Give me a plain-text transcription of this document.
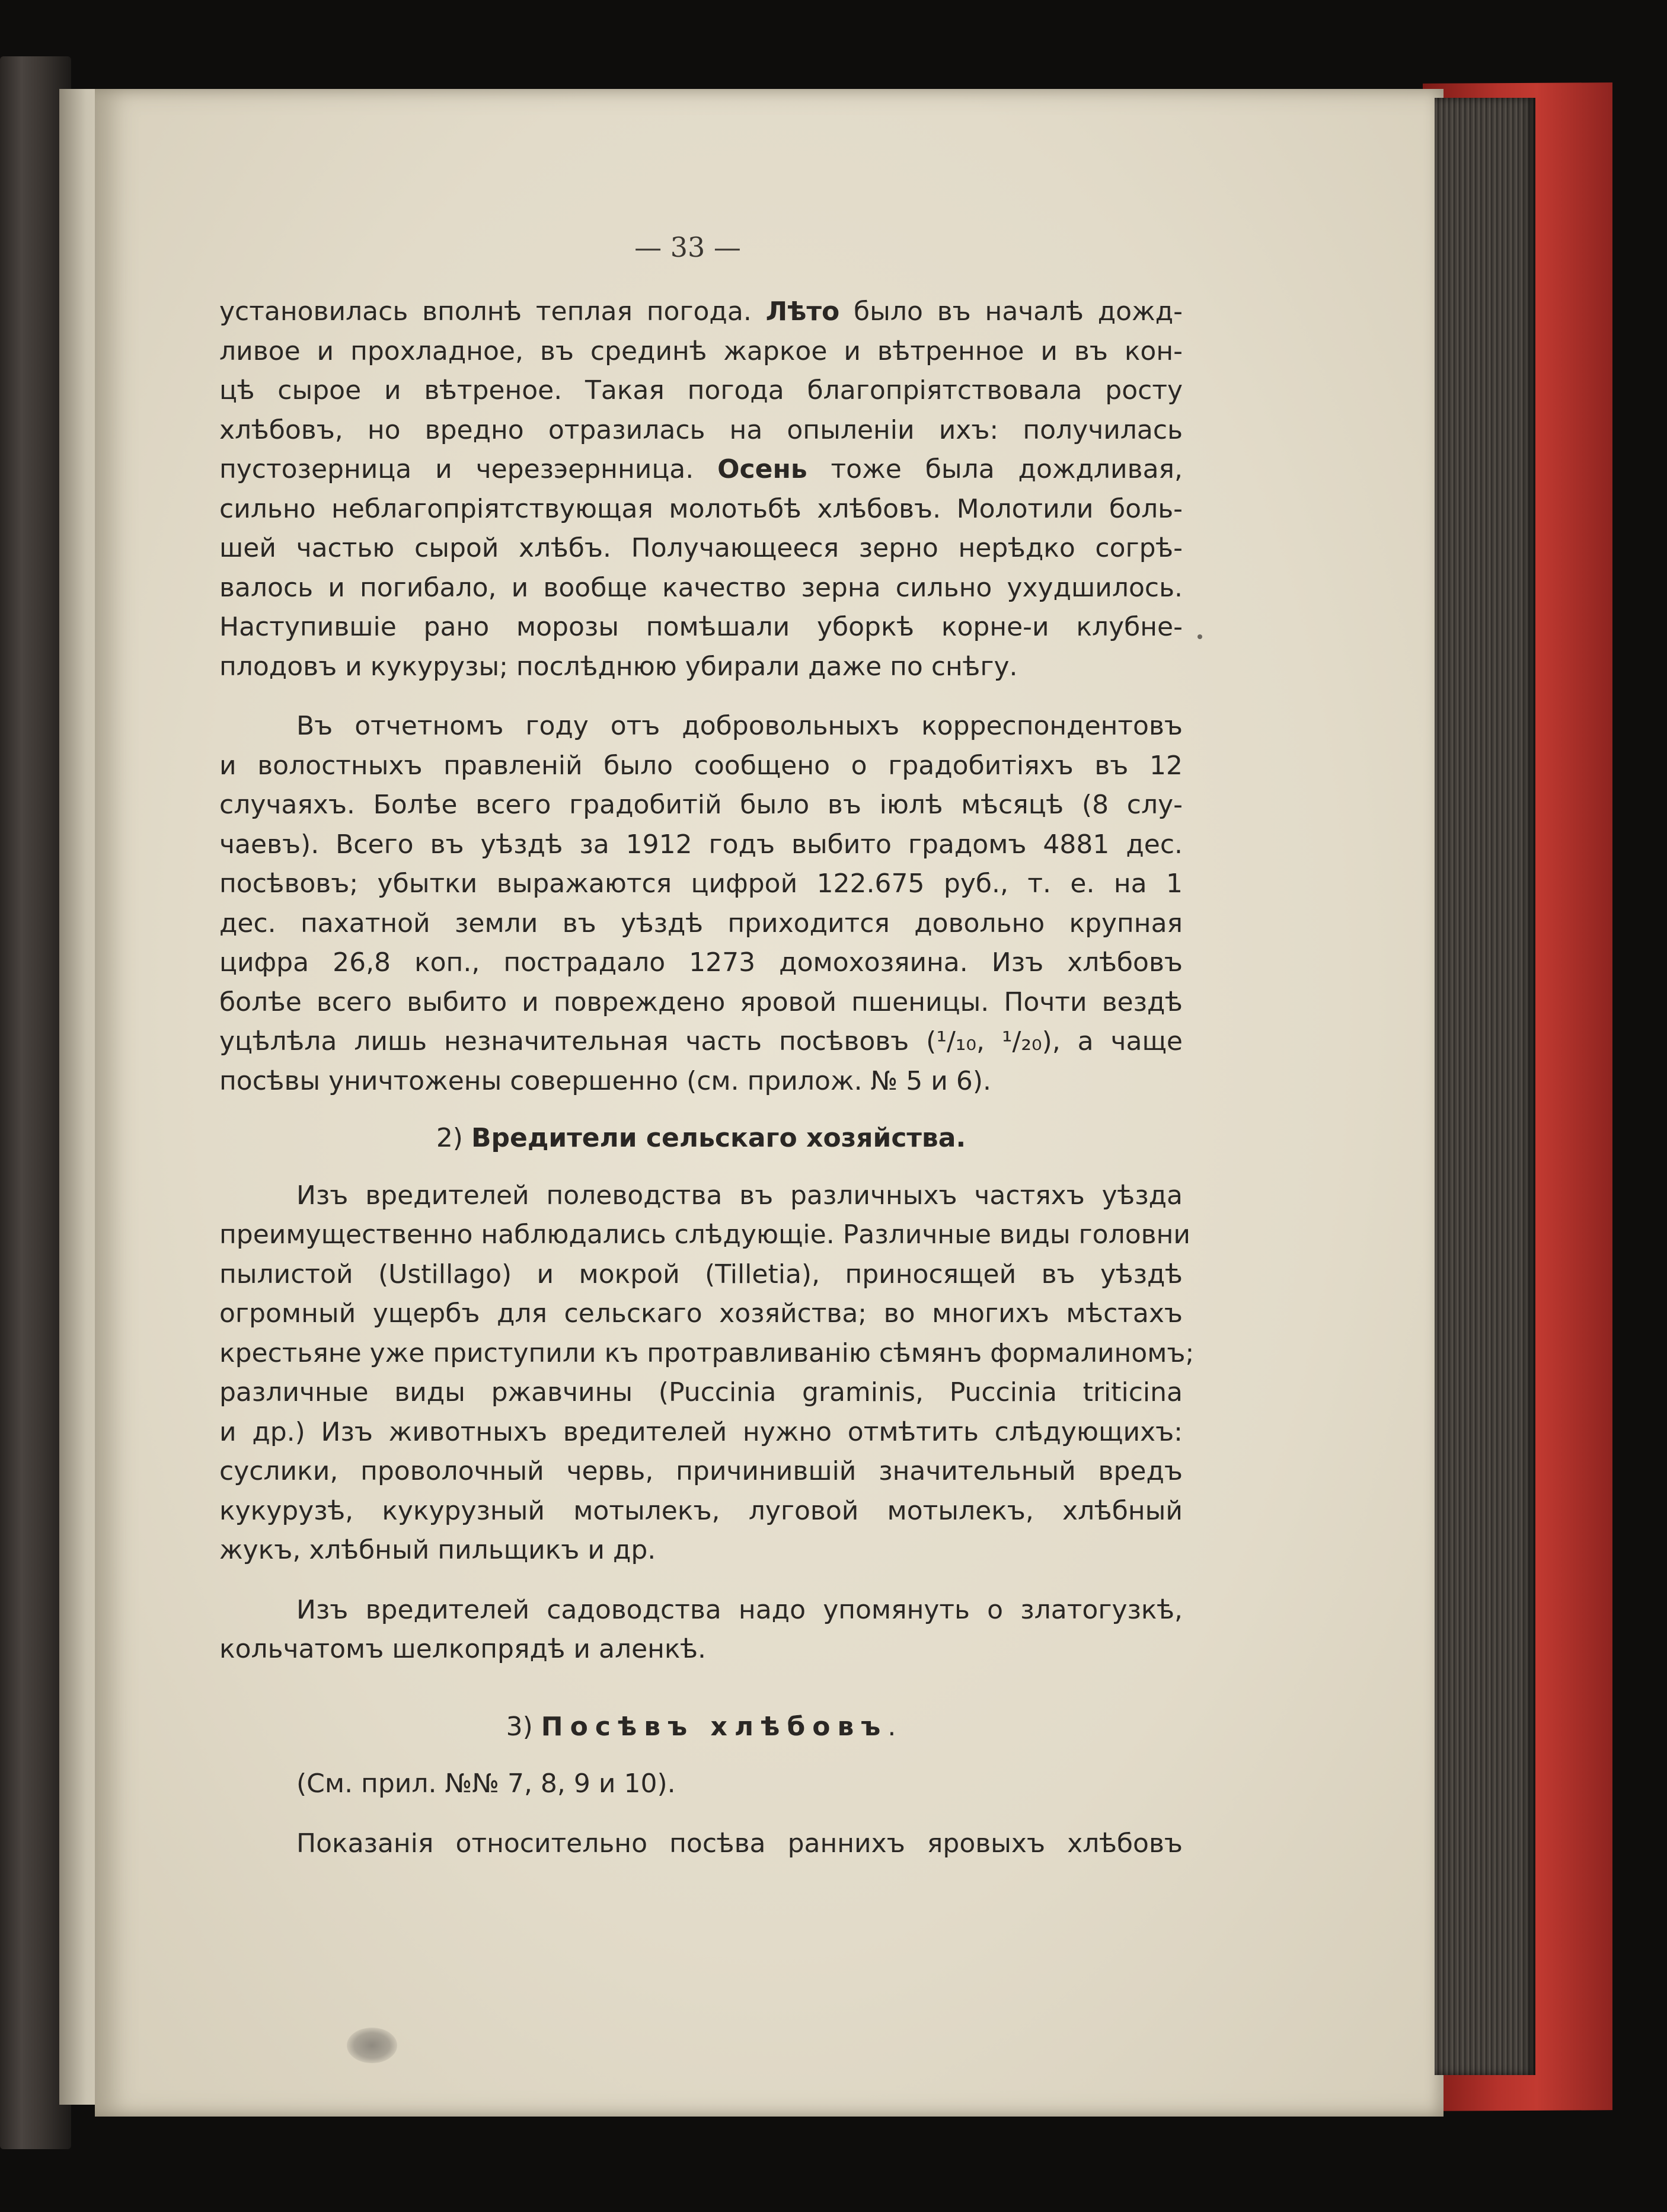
— 33 —
установилась вполнѣ теплая погода. Лѣто было въ началѣ дожд-
ливое и прохладное, въ срединѣ жаркое и вѣтренное и въ кон-
цѣ сырое и вѣтреное. Такая погода благопріятствовала росту
хлѣбовъ, но вредно отразилась на опыленіи ихъ: получилась
пустозерница и черезэернница. Осень тоже была дождливая,
сильно неблагопріятствующая молотьбѣ хлѣбовъ. Молотили боль-
шей частью сырой хлѣбъ. Получающееся зерно нерѣдко согрѣ-
валось и погибало, и вообще качество зерна сильно ухудшилось.
Наступившіе рано морозы помѣшали уборкѣ корне-и клубне-
плодовъ и кукурузы; послѣднюю убирали даже по снѣгу.
Въ отчетномъ году отъ добровольныхъ корреспондентовъ
и волостныхъ правленій было сообщено о градобитіяхъ въ 12
случаяхъ. Болѣе всего градобитій было въ іюлѣ мѣсяцѣ (8 слу-
чаевъ). Всего въ уѣздѣ за 1912 годъ выбито градомъ 4881 дес.
посѣвовъ; убытки выражаются цифрой 122.675 руб., т. е. на 1
дес. пахатной земли въ уѣздѣ приходится довольно крупная
цифра 26,8 коп., пострадало 1273 домохозяина. Изъ хлѣбовъ
болѣе всего выбито и повреждено яровой пшеницы. Почти вездѣ
уцѣлѣла лишь незначительная часть посѣвовъ (¹/₁₀, ¹/₂₀), а чаще
посѣвы уничтожены совершенно (см. прилож. № 5 и 6).
2) Вредители сельскаго хозяйства.
Изъ вредителей полеводства въ различныхъ частяхъ уѣзда
преимущественно наблюдались слѣдующіе. Различные виды головни
пылистой (Ustillago) и мокрой (Tilletia), приносящей въ уѣздѣ
огромный ущербъ для сельскаго хозяйства; во многихъ мѣстахъ
крестьяне уже приступили къ протравливанію сѣмянъ формалиномъ;
различные виды ржавчины (Puccinia graminis, Puccinia triticina
и др.) Изъ животныхъ вредителей нужно отмѣтить слѣдующихъ:
суслики, проволочный червь, причинившій значительный вредъ
кукурузѣ, кукурузный мотылекъ, луговой мотылекъ, хлѣбный
жукъ, хлѣбный пильщикъ и др.
Изъ вредителей садоводства надо упомянуть о златогузкѣ,
кольчатомъ шелкопрядѣ и аленкѣ.
3) Посѣвъ хлѣбовъ.
(См. прил. №№ 7, 8, 9 и 10).
Показанія относительно посѣва раннихъ яровыхъ хлѣбовъ
